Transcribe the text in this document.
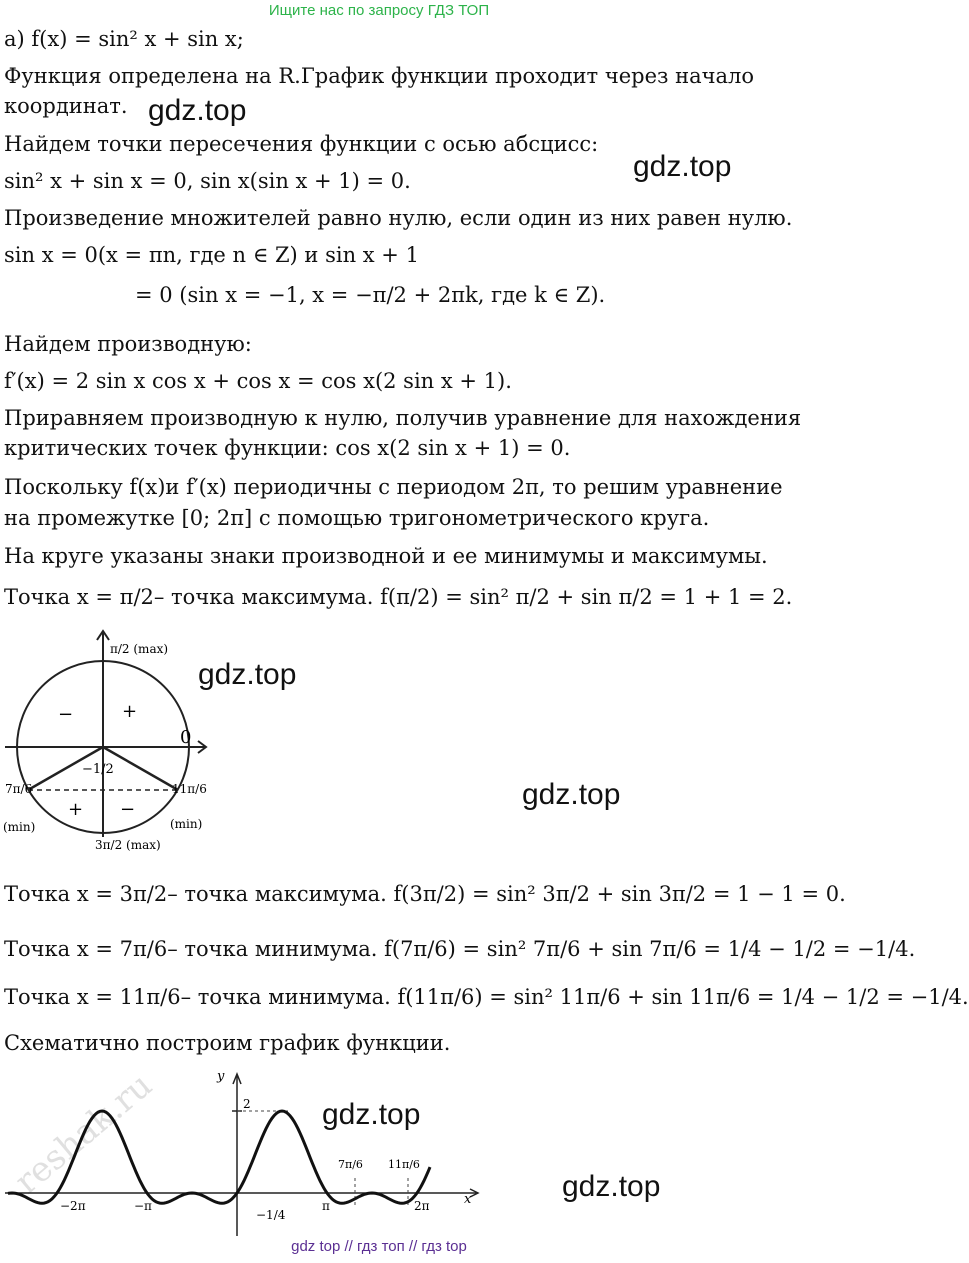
Ищите нас по запросу ГДЗ ТОП
а) f(x) = sin² x + sin x;
Функция определена на R.График функции проходит через начало
координат.
Найдем точки пересечения функции с осью абсцисс:
sin² x + sin x = 0, sin x(sin x + 1) = 0.
Произведение множителей равно нулю, если один из них равен нулю.
sin x = 0(x = πn, где n ∈ Z) и sin x + 1
= 0 (sin x = −1, x = −π/2 + 2πk, где k ∈ Z).
Найдем производную:
f′(x) = 2 sin x cos x + cos x = cos x(2 sin x + 1).
Приравняем производную к нулю, получив уравнение для нахождения
критических точек функции: cos x(2 sin x + 1) = 0.
Поскольку f(x)и f′(x) периодичны с периодом 2π, то решим уравнение
на промежутке [0; 2π] с помощью тригонометрического круга.
На круге указаны знаки производной и ее минимумы и максимумы.
Точка x = π/2– точка максимума. f(π/2) = sin² π/2 + sin π/2 = 1 + 1 = 2.
gdz.top
gdz.top
gdz.top
gdz.top
π/2 (max)
3π/2 (max)
7π/6
(min)
11π/6
(min)
0
−1/2
−	+
+ −
Точка x = 3π/2– точка максимума. f(3π/2) = sin² 3π/2 + sin 3π/2 = 1 − 1 = 0.
Точка x = 7π/6– точка минимума. f(7π/6) = sin² 7π/6 + sin 7π/6 = 1/4 − 1/2 = −1/4.
Точка x = 11π/6– точка минимума. f(11π/6) = sin² 11π/6 + sin 11π/6 = 1/4 − 1/2 = −1/4.
Схематично построим график функции.
reshak.ru	y
x
2
−1/4
7π/6 11π/6
−2π	−π	π	2π
gdz.top
gdz.top
gdz top // гдз топ // гдз top
